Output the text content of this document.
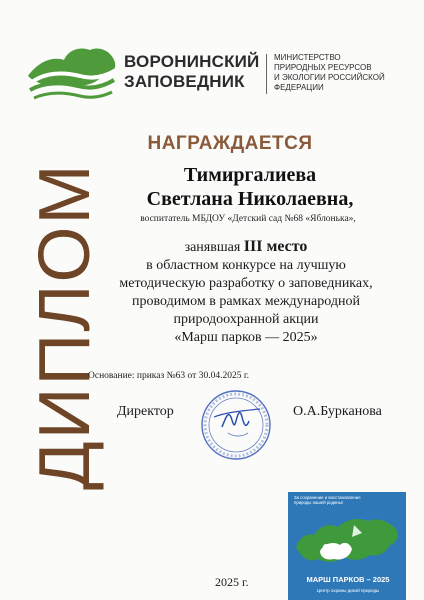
ВОРОНИНСКИЙ
ЗАПОВЕДНИК
МИНИСТЕРСТВО
ПРИРОДНЫХ РЕСУРСОВ
И ЭКОЛОГИИ РОССИЙСКОЙ
ФЕДЕРАЦИИ
ДИПЛОМ
НАГРАЖДАЕТСЯ
Тимиргалиева
Светлана Николаевна,
воспитатель МБДОУ «Детский сад №68 «Яблонька»,
занявшая III место
в областном конкурсе на лучшую
методическую разработку о заповедниках,
проводимом в рамках международной
природоохранной акции
«Марш парков — 2025»
Основание: приказ №63 от 30.04.2025 г.
Директор	О.А.Бурканова
2025 г.
За сохранение и восстановление
природы нашей родины!
МАРШ ПАРКОВ – 2025
Центр охраны дикой природы
